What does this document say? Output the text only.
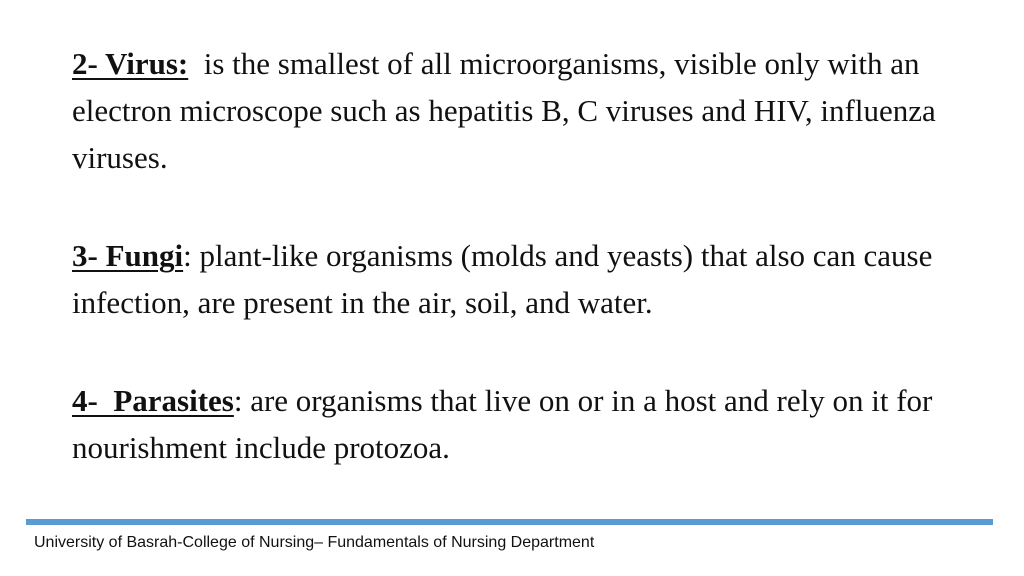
2- Virus: is the smallest of all microorganisms, visible only with an electron microscope such as hepatitis B, C viruses and HIV, influenza viruses.

3- Fungi: plant-like organisms (molds and yeasts) that also can cause infection, are present in the air, soil, and water.

4-  Parasites: are organisms that live on or in a host and rely on it for nourishment include protozoa.

University of Basrah-College of Nursing– Fundamentals of Nursing Department
